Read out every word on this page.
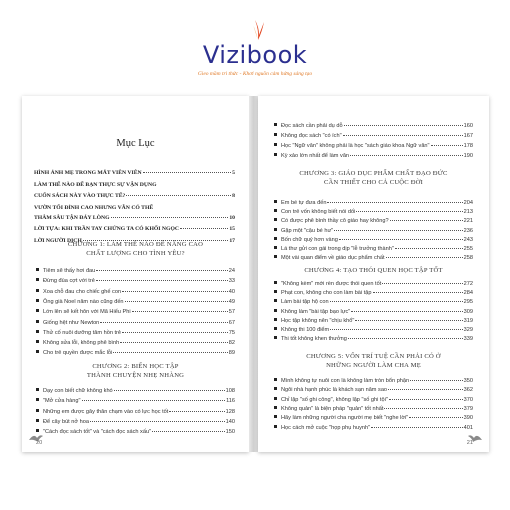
Vizibook
Gieo mầm tri thức - Khơi nguồn cảm hứng sáng tạo
Mục Lục
HÌNH ẢNH MẸ TRONG MẮT VIÊN VIÊN	5
LÀM THẾ NÀO ĐỂ BẠN THỰC SỰ VẬN DỤNG
CUỐN SÁCH NÀY VÀO THỰC TẾ?	8
VƯỜN TỐI ĐỈNH CAO NHƯNG VẪN CÓ THỂ
THÂM SÂU TẬN ĐÁY LÒNG	10
LỜI TỰA: KHI TRẦN TAY CHỨNG TA CÓ KHỐI NGỌC	15
LỜI NGƯỜI DỊCH	17
Tiêm sẽ thấy hơi đau	24
Đừng đùa cợt với trẻ	33
Xoa chỗ đau cho chiếc ghế con	40
Ông già Noel năm nào cũng đến	49
Lớn lên sẽ kết hôn với Mã Hiểu Phi	57
Giống hệt như Newton	67
Thử cố nuôi dưỡng tâm hồn trẻ	75
Không sửa lỗi, không phê bình	82
Cho trẻ quyền được mắc lỗi	89
Dạy con biết chữ không khó	108
"Mở cửa hàng"	116
Những em được gây thân chạm vào có lực học tốt	128
Để cây bút nở hoa	140
"Cách đọc sách tốt" và "cách đọc sách xấu"	150
CHƯƠNG 1: LÀM THẾ NÀO ĐỂ NÂNG CAO
CHẤT LƯỢNG CHO TÌNH YÊU?
CHƯƠNG 2: BIẾN HỌC TẬP
THÀNH CHUYỆN NHẸ NHÀNG
20
Đọc sách cần phải dụ dỗ	160
Không đọc sách "có ích"	167
Học "Ngữ văn" không phải là học "sách giáo khoa Ngữ văn"	178
Kỳ xảo lớn nhất để làm văn	190
Em bé tự đưa đến	204
Con trẻ vốn không biết nói dối	213
Có được phê bình thầy cô giáo hay không?	221
Gặp một "cậu bé hư"	236
Bốn chữ quý hơn vàng	243
Lá thư gửi con gái trong dịp "lễ trưởng thành"	255
Một vài quan điểm về giáo dục phẩm chất	258
"Không kèm" mới rèn được thói quen tốt	272
Phạt con, không cho con làm bài tập	284
Làm bài tập hộ con	295
Không làm "bài tập bạo lực"	309
Học tập không nên "chịu khổ"	319
Không thi 100 điểm	329
Thi tốt không khen thưởng	339
Mình không tự nuôi con là không làm tròn bổn phận	350
Ngôi nhà hạnh phúc là khách sạn năm sao	362
Chỉ lặp "số ghi công", không lặp "số ghi tội"	370
Không quản" là biện pháp "quản" tốt nhất	379
Hãy làm những người cha người mẹ biết "nghe lời"	390
Học cách mở cuộc "họp phụ huynh"	401
CHƯƠNG 3: GIÁO DỤC PHẨM CHẤT ĐẠO ĐỨC
CẦN THIẾT CHO CẢ CUỘC ĐỜI
CHƯƠNG 4: TẠO THÓI QUEN HỌC TẬP TỐT
CHƯƠNG 5: VỐN TRÍ TUỆ CẦN PHẢI CÓ Ở
NHỮNG NGƯỜI LÀM CHA MẸ
21
